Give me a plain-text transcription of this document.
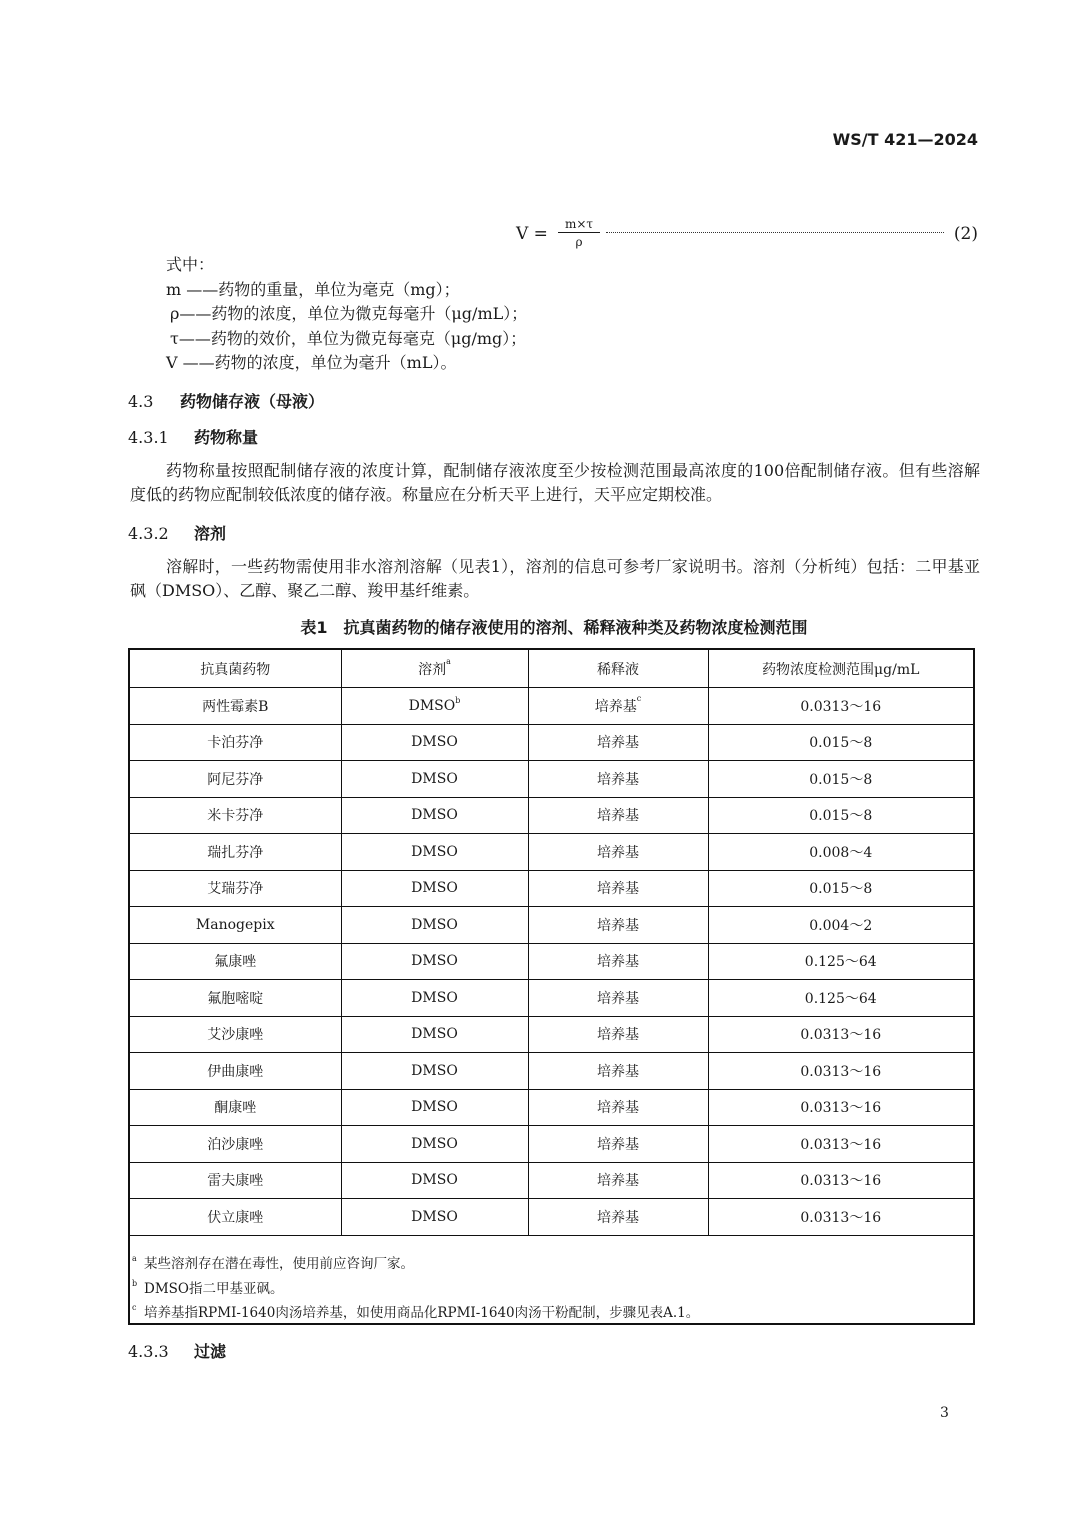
WS/T 421—2024
V =	m×τ
ρ	(2)
式中：
m ——药物的重量，单位为毫克（mg）；
ρ——药物的浓度，单位为微克每毫升（μg/mL）；
τ——药物的效价，单位为微克每毫克（μg/mg）；
V ——药物的浓度，单位为毫升（mL）。
4.3 药物储存液（母液）
4.3.1 药物称量
药物称量按照配制储存液的浓度计算，配制储存液浓度至少按检测范围最高浓度的100倍配制储存液。但有些溶解度低的药物应配制较低浓度的储存液。称量应在分析天平上进行，天平应定期校准。
4.3.2 溶剂
溶解时，一些药物需使用非水溶剂溶解（见表1），溶剂的信息可参考厂家说明书。溶剂（分析纯）包括：二甲基亚砜（DMSO）、乙醇、聚乙二醇、羧甲基纤维素。
表1　抗真菌药物的储存液使用的溶剂、稀释液种类及药物浓度检测范围
抗真菌药物	溶剂$^a$	稀释液	药物浓度检测范围μg/mL
两性霉素B	DMSO$^b$	培养基$^c$	0.0313～16
卡泊芬净	DMSO	培养基	0.015～8
阿尼芬净	DMSO	培养基	0.015～8
米卡芬净	DMSO	培养基	0.015～8
瑞扎芬净	DMSO	培养基	0.008～4
艾瑞芬净	DMSO	培养基	0.015～8
Manogepix	DMSO	培养基	0.004～2
氟康唑	DMSO	培养基	0.125～64
氟胞嘧啶	DMSO	培养基	0.125～64
艾沙康唑	DMSO	培养基	0.0313～16
伊曲康唑	DMSO	培养基	0.0313～16
酮康唑	DMSO	培养基	0.0313～16
泊沙康唑	DMSO	培养基	0.0313～16
雷夫康唑	DMSO	培养基	0.0313～16
伏立康唑	DMSO	培养基	0.0313～16
a 某些溶剂存在潜在毒性，使用前应咨询厂家。
b DMSO指二甲基亚砜。
c 培养基指RPMI-1640肉汤培养基，如使用商品化RPMI-1640肉汤干粉配制，步骤见表A.1。
4.3.3 过滤
3
